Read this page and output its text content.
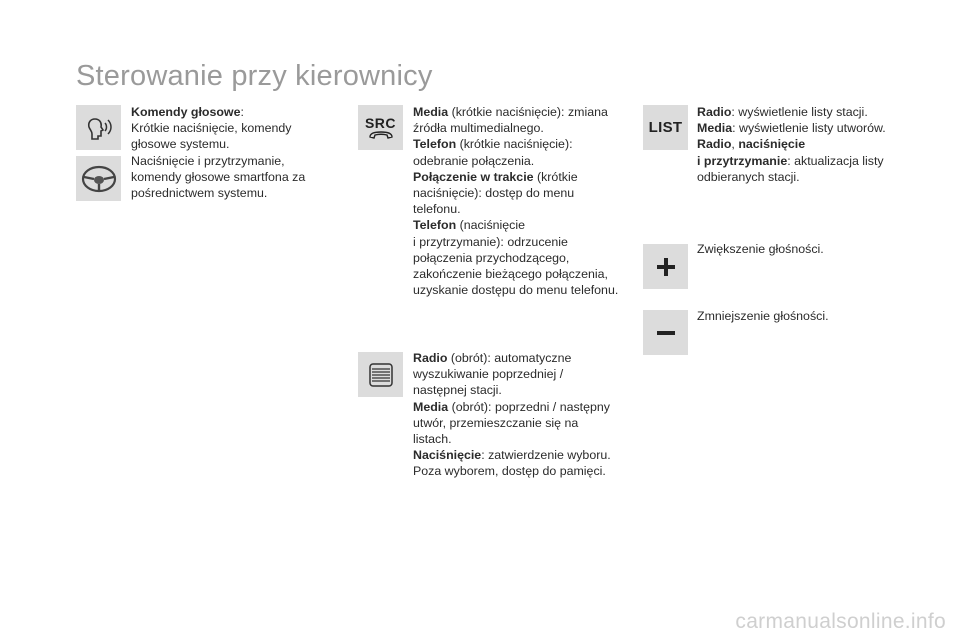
Sterowanie przy kierownicy

Komendy głosowe:

Krótkie naciśnięcie, komendy

głosowe systemu.

Naciśnięcie i przytrzymanie,

komendy głosowe smartfona za

pośrednictwem systemu.

SRC

Media (krótkie naciśnięcie): zmiana

źródła multimedialnego.

Telefon (krótkie naciśnięcie):

odebranie połączenia.

Połączenie w trakcie (krótkie

naciśnięcie): dostęp do menu

telefonu.

Telefon (naciśnięcie

i przytrzymanie): odrzucenie

połączenia przychodzącego,

zakończenie bieżącego połączenia,

uzyskanie dostępu do menu telefonu.

Radio (obrót): automatyczne

wyszukiwanie poprzedniej /

następnej stacji.

Media (obrót): poprzedni / następny

utwór, przemieszczanie się na

listach.

Naciśnięcie: zatwierdzenie wyboru.

Poza wyborem, dostęp do pamięci.

LIST

Radio: wyświetlenie listy stacji.

Media: wyświetlenie listy utworów.

Radio, naciśnięcie

i przytrzymanie: aktualizacja listy

odbieranych stacji.

Zwiększenie głośności.

Zmniejszenie głośności.

carmanualsonline.info
